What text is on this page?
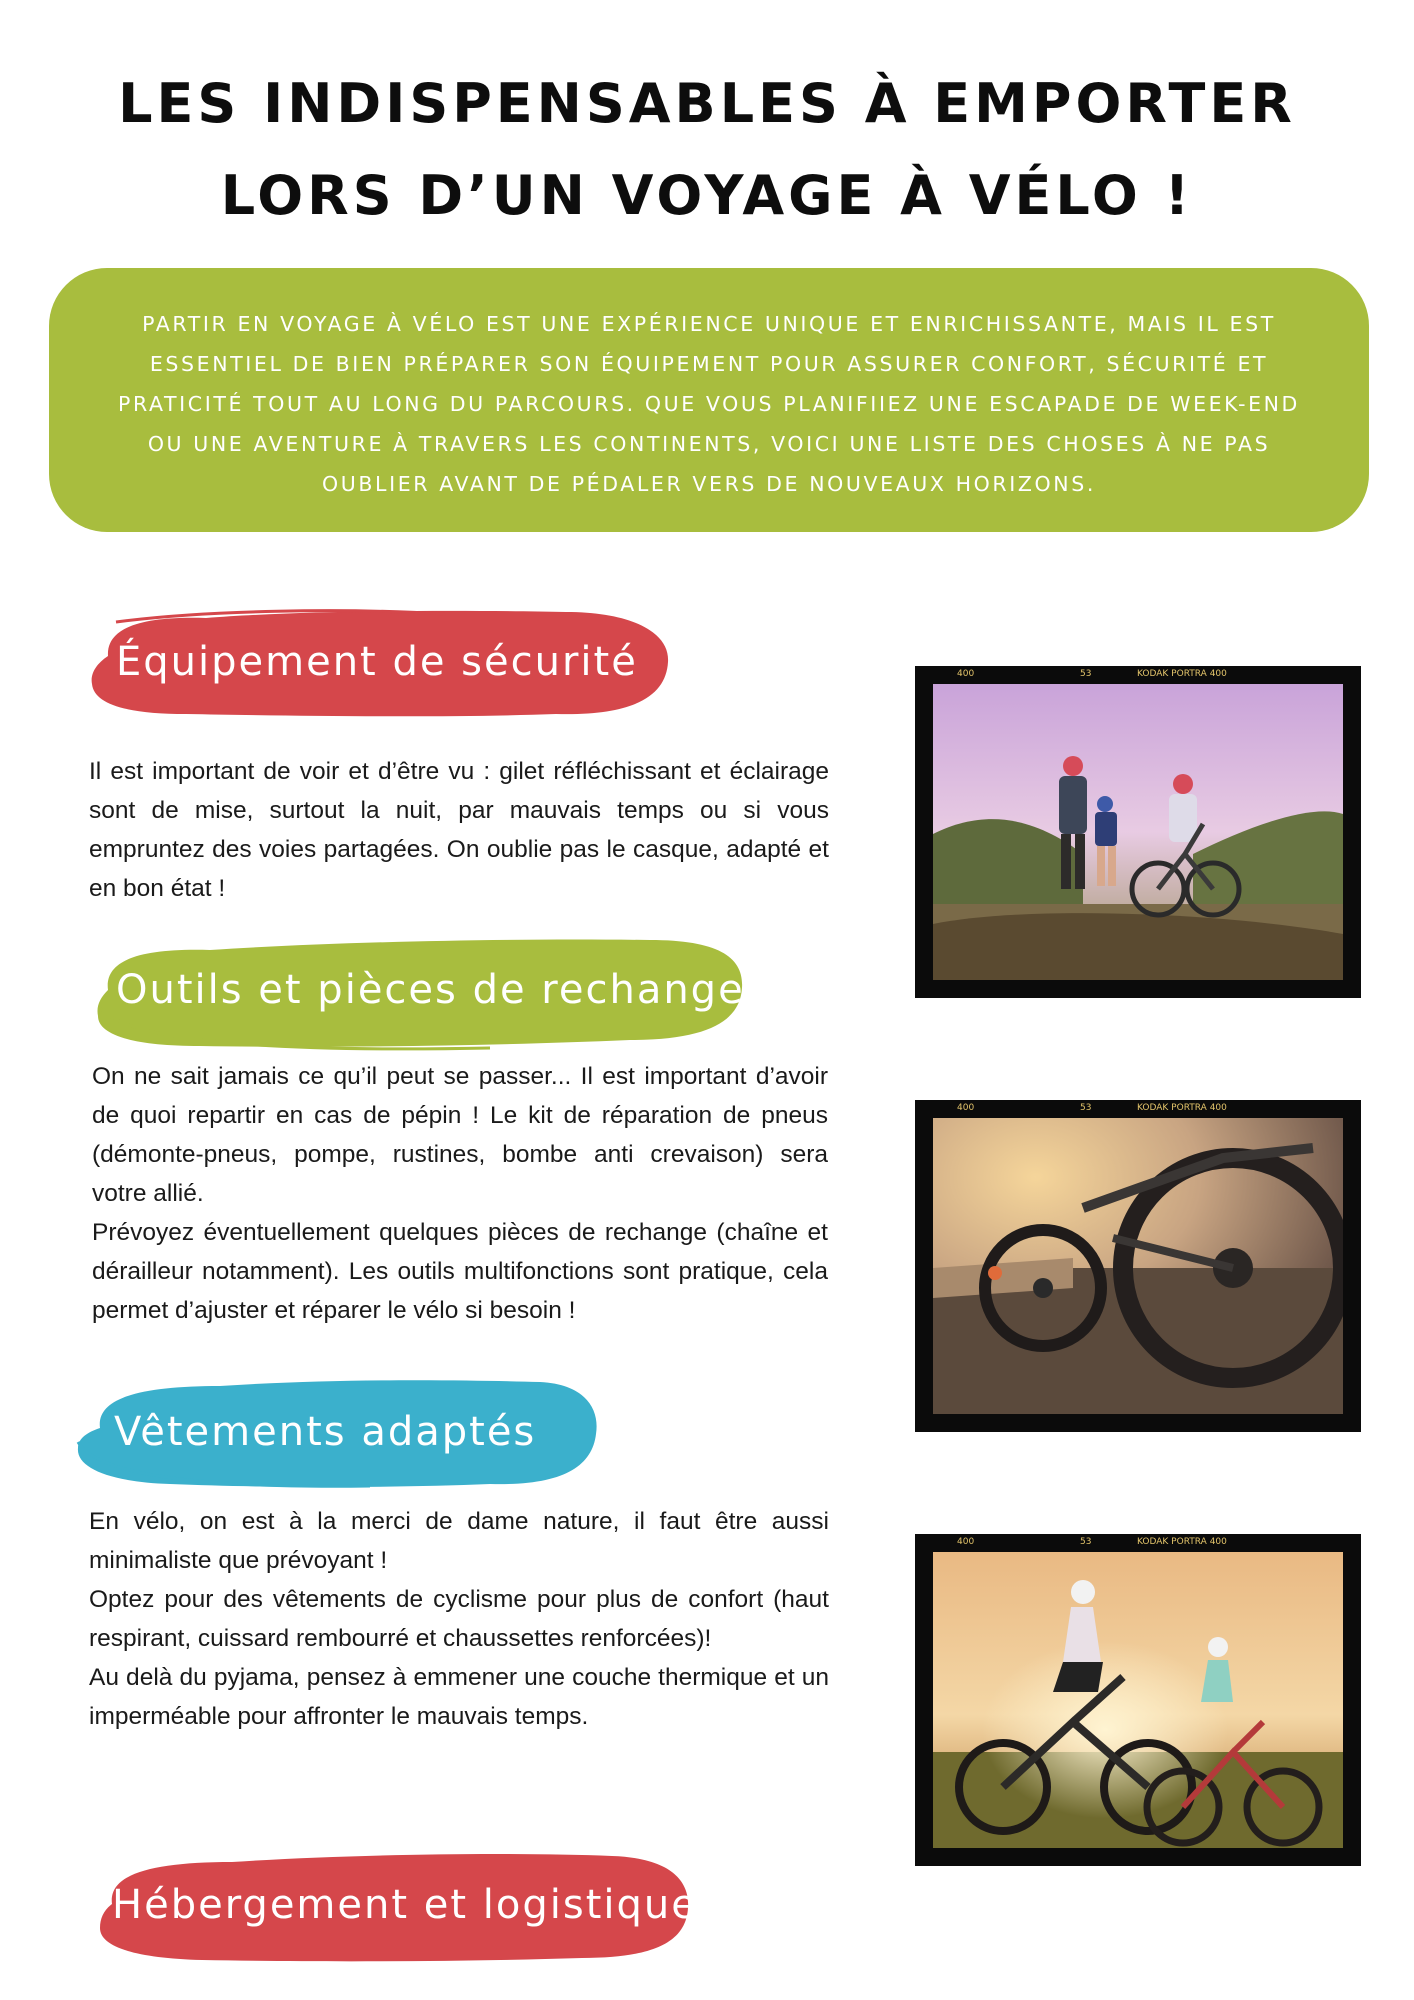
LES INDISPENSABLES À EMPORTER
LORS D’UN VOYAGE À VÉLO !
PARTIR EN VOYAGE À VÉLO EST UNE EXPÉRIENCE UNIQUE ET ENRICHISSANTE, MAIS IL EST ESSENTIEL DE BIEN PRÉPARER SON ÉQUIPEMENT POUR ASSURER CONFORT, SÉCURITÉ ET PRATICITÉ TOUT AU LONG DU PARCOURS. QUE VOUS PLANIFIIEZ UNE ESCAPADE DE WEEK-END OU UNE AVENTURE À TRAVERS LES CONTINENTS, VOICI UNE LISTE DES CHOSES À NE PAS OUBLIER AVANT DE PÉDALER VERS DE NOUVEAUX HORIZONS.
Équipement de sécurité

Il est important de voir et d’être vu : gilet réfléchissant et éclairage sont de mise, surtout la nuit, par mauvais temps ou si vous empruntez des voies partagées. On oublie pas le casque, adapté et en bon état !

Outils et pièces de rechange

On ne sait jamais ce qu’il peut se passer... Il est important d’avoir de quoi repartir en cas de pépin ! Le kit de réparation de pneus (démonte-pneus, pompe, rustines, bombe anti crevaison) sera votre allié.

Prévoyez éventuellement quelques pièces de rechange (chaîne et dérailleur notamment). Les outils multifonctions sont pratique, cela permet d’ajuster et réparer le vélo si besoin !

Vêtements adaptés

En vélo, on est à la merci de dame nature, il faut être aussi minimaliste que prévoyant !

Optez pour des vêtements de cyclisme pour plus de confort (haut respirant, cuissard rembourré et chaussettes renforcées)!

Au delà du pyjama, pensez à emmener une couche thermique et un imperméable pour affronter le mauvais temps.

Hébergement et logistique
400	53	KODAK PORTRA 400
400	53	KODAK PORTRA 400
400	53	KODAK PORTRA 400
